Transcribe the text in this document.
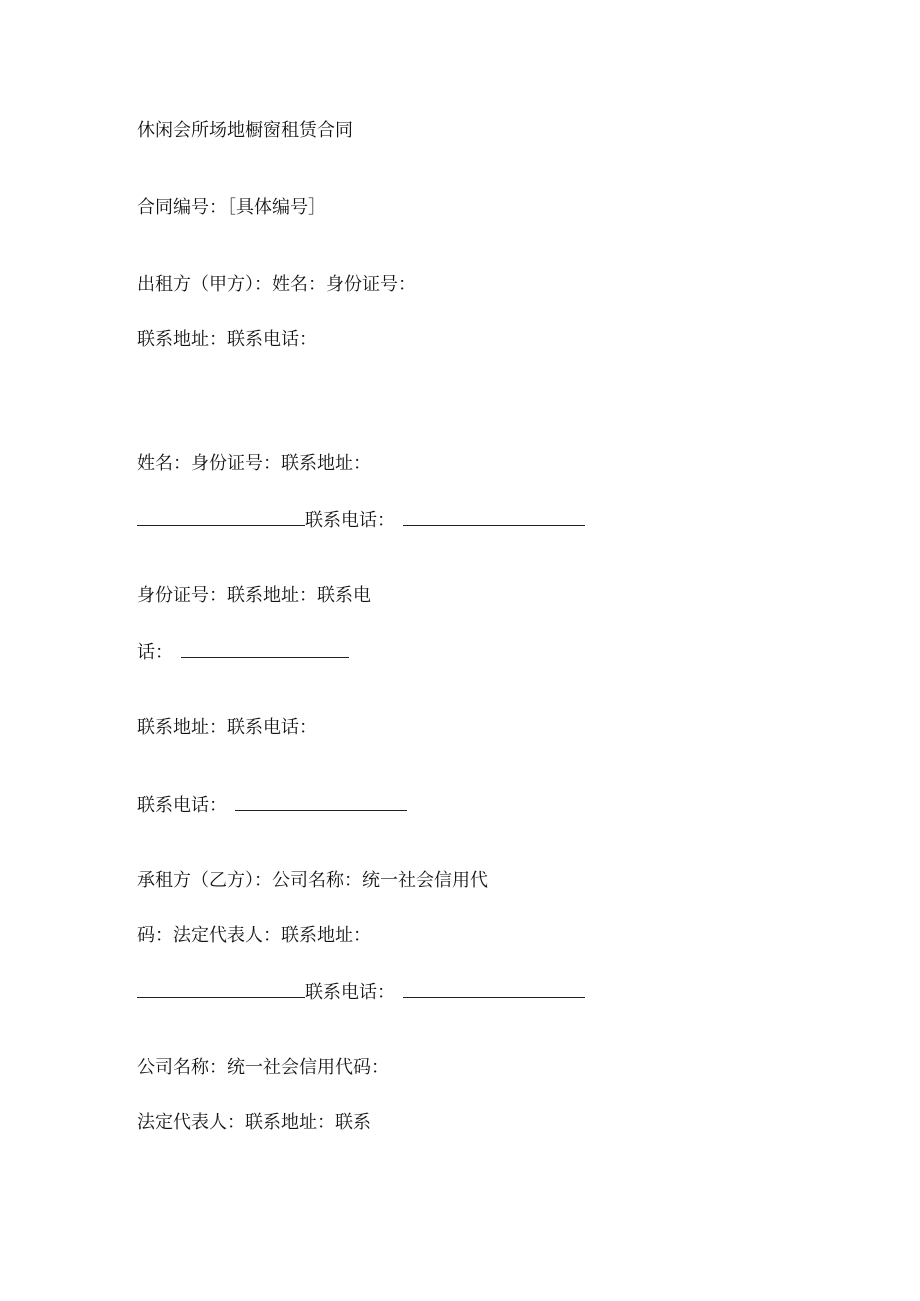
休闲会所场地橱窗租赁合同
合同编号：［具体编号］
出租方（甲方）：姓名：身份证号：
联系地址：联系电话：
姓名：身份证号：联系地址：
联系电话：
身份证号：联系地址：联系电
话：
联系地址：联系电话：
联系电话：
承租方（乙方）：公司名称：统一社会信用代
码：法定代表人：联系地址：
联系电话：
公司名称：统一社会信用代码：
法定代表人：联系地址：联系
